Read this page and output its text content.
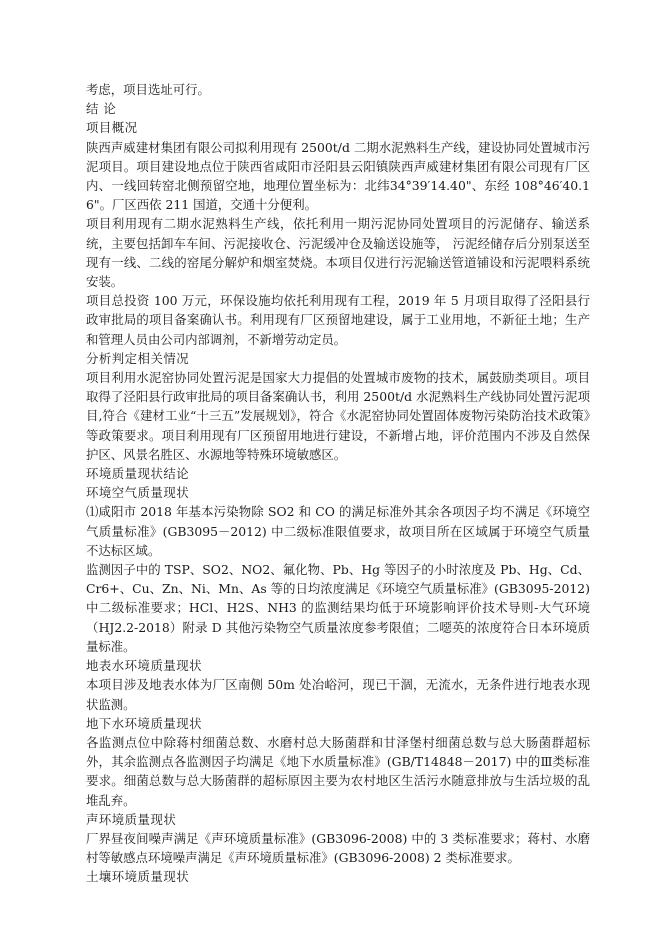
考虑，项目选址可行。

结 论

项目概况

陕西声威建材集团有限公司拟利用现有 2500t/d 二期水泥熟料生产线，建设协同处置城市污泥项目。项目建设地点位于陕西省咸阳市泾阳县云阳镇陕西声威建材集团有限公司现有厂区内、一线回转窑北侧预留空地，地理位置坐标为：北纬34°39′14.40"、东经 108°46′40.16"。厂区西依 211 国道，交通十分便利。

项目利用现有二期水泥熟料生产线，依托利用一期污泥协同处置项目的污泥储存、输送系统，主要包括卸车车间、污泥接收仓、污泥缓冲仓及输送设施等， 污泥经储存后分别泵送至现有一线、二线的窑尾分解炉和烟室焚烧。本项目仅进行污泥输送管道铺设和污泥喂料系统安装。

项目总投资 100 万元，环保设施均依托利用现有工程，2019 年 5 月项目取得了泾阳县行政审批局的项目备案确认书。利用现有厂区预留地建设，属于工业用地，不新征土地；生产和管理人员由公司内部调剂，不新增劳动定员。

分析判定相关情况

项目利用水泥窑协同处置污泥是国家大力提倡的处置城市废物的技术，属鼓励类项目。项目取得了泾阳县行政审批局的项目备案确认书，利用 2500t/d 水泥熟料生产线协同处置污泥项目,符合《建材工业“十三五”发展规划》，符合《水泥窑协同处置固体废物污染防治技术政策》等政策要求。项目利用现有厂区预留用地进行建设，不新增占地，评价范围内不涉及自然保护区、风景名胜区、水源地等特殊环境敏感区。

环境质量现状结论

环境空气质量现状

⑴咸阳市 2018 年基本污染物除 SO2 和 CO 的满足标准外其余各项因子均不满足《环境空气质量标准》(GB3095－2012) 中二级标准限值要求，故项目所在区域属于环境空气质量不达标区域。

监测因子中的 TSP、SO2、NO2、氟化物、Pb、Hg 等因子的小时浓度及 Pb、Hg、Cd、Cr6+、Cu、Zn、Ni、Mn、As 等的日均浓度满足《环境空气质量标准》(GB3095-2012) 中二级标准要求；HCl、H2S、NH3 的监测结果均低于环境影响评价技术导则-大气环境（HJ2.2-2018）附录 D 其他污染物空气质量浓度参考限值；二噁英的浓度符合日本环境质量标准。

地表水环境质量现状

本项目涉及地表水体为厂区南侧 50m 处冶峪河，现已干涸，无流水，无条件进行地表水现状监测。

地下水环境质量现状

各监测点位中除蒋村细菌总数、水磨村总大肠菌群和甘泽堡村细菌总数与总大肠菌群超标外，其余监测点各监测因子均满足《地下水质量标准》(GB/T14848－2017) 中的Ⅲ类标准要求。细菌总数与总大肠菌群的超标原因主要为农村地区生活污水随意排放与生活垃圾的乱堆乱弃。

声环境质量现状

厂界昼夜间噪声满足《声环境质量标准》(GB3096-2008) 中的 3 类标准要求；蒋村、水磨村等敏感点环境噪声满足《声环境质量标准》(GB3096-2008) 2 类标准要求。

土壤环境质量现状
